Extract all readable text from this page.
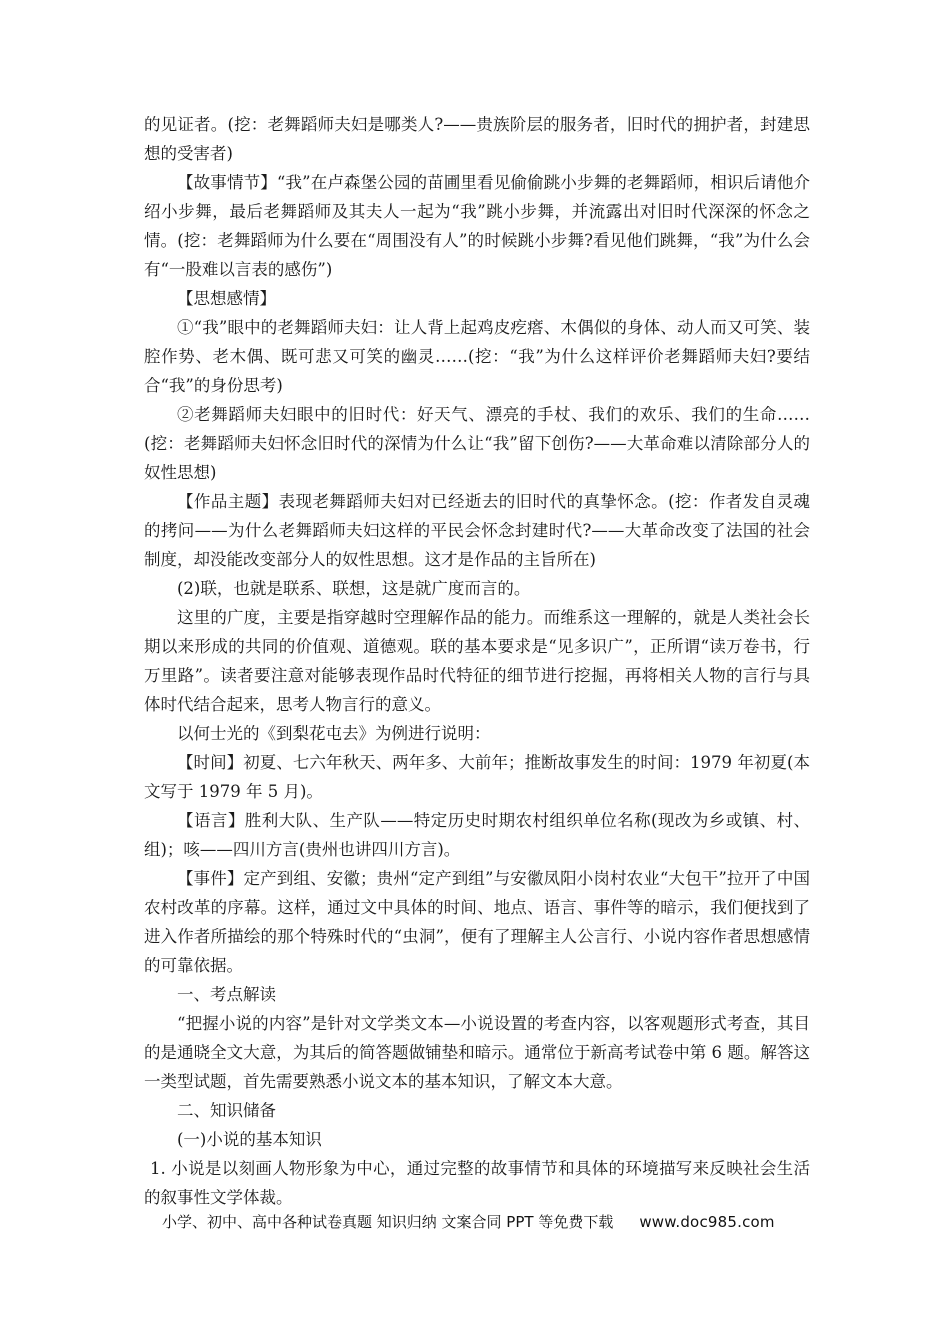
的见证者。(挖：老舞蹈师夫妇是哪类人?——贵族阶层的服务者，旧时代的拥护者，封建思想的受害者)

【故事情节】“我”在卢森堡公园的苗圃里看见偷偷跳小步舞的老舞蹈师，相识后请他介绍小步舞，最后老舞蹈师及其夫人一起为“我”跳小步舞，并流露出对旧时代深深的怀念之情。(挖：老舞蹈师为什么要在“周围没有人”的时候跳小步舞?看见他们跳舞，“我”为什么会有“一股难以言表的感伤”)

【思想感情】

①“我”眼中的老舞蹈师夫妇：让人背上起鸡皮疙瘩、木偶似的身体、动人而又可笑、装腔作势、老木偶、既可悲又可笑的幽灵……(挖：“我”为什么这样评价老舞蹈师夫妇?要结合“我”的身份思考)

②老舞蹈师夫妇眼中的旧时代：好天气、漂亮的手杖、我们的欢乐、我们的生命……(挖：老舞蹈师夫妇怀念旧时代的深情为什么让“我”留下创伤?——大革命难以清除部分人的奴性思想)

【作品主题】表现老舞蹈师夫妇对已经逝去的旧时代的真挚怀念。(挖：作者发自灵魂的拷问——为什么老舞蹈师夫妇这样的平民会怀念封建时代?——大革命改变了法国的社会制度，却没能改变部分人的奴性思想。这才是作品的主旨所在)

(2)联，也就是联系、联想，这是就广度而言的。

这里的广度，主要是指穿越时空理解作品的能力。而维系这一理解的，就是人类社会长期以来形成的共同的价值观、道德观。联的基本要求是“见多识广”，正所谓“读万卷书，行万里路”。读者要注意对能够表现作品时代特征的细节进行挖掘，再将相关人物的言行与具体时代结合起来，思考人物言行的意义。

以何士光的《到梨花屯去》为例进行说明：

【时间】初夏、七六年秋天、两年多、大前年；推断故事发生的时间：1979 年初夏(本文写于 1979 年 5 月)。

【语言】胜利大队、生产队——特定历史时期农村组织单位名称(现改为乡或镇、村、组)；咳——四川方言(贵州也讲四川方言)。

【事件】定产到组、安徽；贵州“定产到组”与安徽凤阳小岗村农业“大包干”拉开了中国农村改革的序幕。这样，通过文中具体的时间、地点、语言、事件等的暗示，我们便找到了进入作者所描绘的那个特殊时代的“虫洞”，便有了理解主人公言行、小说内容作者思想感情的可靠依据。

一、考点解读

“把握小说的内容”是针对文学类文本—小说设置的考查内容，以客观题形式考查，其目的是通晓全文大意，为其后的简答题做铺垫和暗示。通常位于新高考试卷中第 6 题。解答这一类型试题，首先需要熟悉小说文本的基本知识，了解文本大意。

二、知识储备

(一)小说的基本知识

1. 小说是以刻画人物形象为中心，通过完整的故事情节和具体的环境描写来反映社会生活的叙事性文学体裁。

小学、初中、高中各种试卷真题 知识归纳 文案合同 PPT 等免费下载 www.doc985.com
